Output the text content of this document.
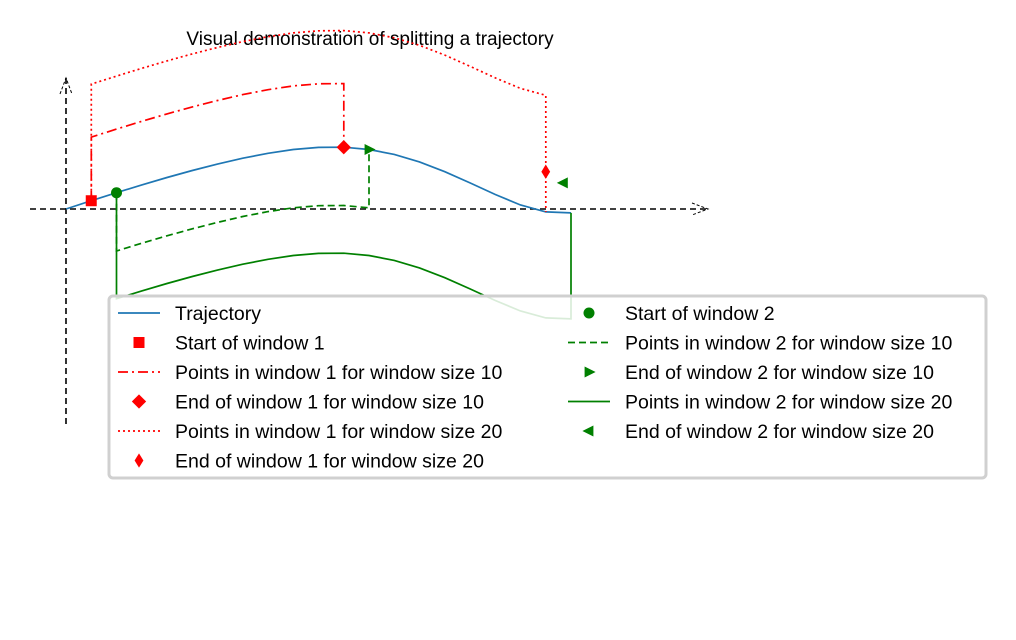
Visual demonstration of splitting a trajectory
Trajectory
Start of window 1
Points in window 1 for window size 10
End of window 1 for window size 10
Points in window 1 for window size 20
End of window 1 for window size 20
Start of window 2
Points in window 2 for window size 10
End of window 2 for window size 10
Points in window 2 for window size 20
End of window 2 for window size 20
